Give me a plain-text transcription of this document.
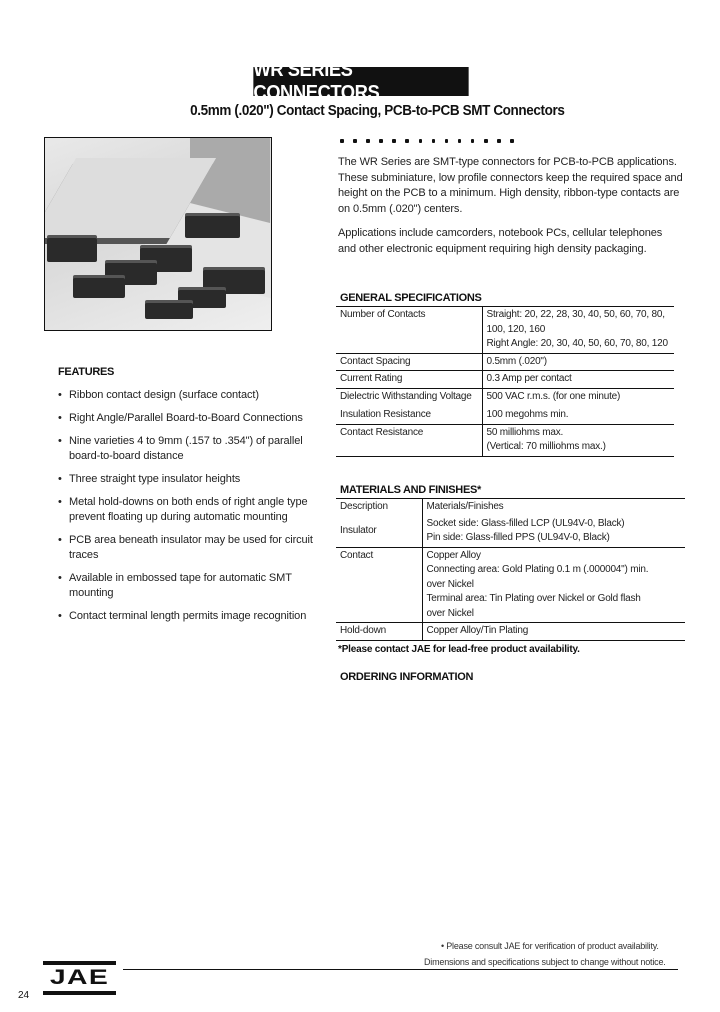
WR SERIES CONNECTORS
0.5mm (.020") Contact Spacing, PCB-to-PCB SMT Connectors

The WR Series are SMT-type connectors for PCB-to-PCB applications. These subminiature, low profile connectors keep the required space and height on the PCB to a minimum. High density, ribbon-type contacts are on 0.5mm (.020") centers.

Applications include camcorders, notebook PCs, cellular telephones and other electronic equipment requiring high density packaging.

FEATURES
• Ribbon contact design (surface contact)
• Right Angle/Parallel Board-to-Board Connections
• Nine varieties 4 to 9mm (.157 to .354") of parallel board-to-board distance
• Three straight type insulator heights
• Metal hold-downs on both ends of right angle type prevent floating up during automatic mounting
• PCB area beneath insulator may be used for circuit traces
• Available in embossed tape for automatic SMT mounting
• Contact terminal length permits image recognition
GENERAL SPECIFICATIONS
Number of Contacts	Straight: 20, 22, 28, 30, 40, 50, 60, 70, 80,
100, 120, 160
Right Angle: 20, 30, 40, 50, 60, 70, 80, 120

Contact Spacing	0.5mm (.020")
Current Rating	0.3 Amp per contact
Dielectric Withstanding Voltage	500 VAC r.m.s. (for one minute)
Insulation Resistance	100 megohms min.
Contact Resistance	50 milliohms max.
(Vertical: 70 milliohms max.)
MATERIALS AND FINISHES*
Description	Materials/Finishes
Insulator	Socket side: Glass-filled LCP (UL94V-0, Black)
Pin side: Glass-filled PPS (UL94V-0, Black)

Contact	Copper Alloy
Connecting area: Gold Plating 0.1 m (.000004") min.
over Nickel
Terminal area: Tin Plating over Nickel or Gold flash
over Nickel

Hold-down	Copper Alloy/Tin Plating
*Please contact JAE for lead-free product availability.
ORDERING INFORMATION
• Please consult JAE for verification of product availability.
Dimensions and specifications subject to change without notice.
JAE
24
